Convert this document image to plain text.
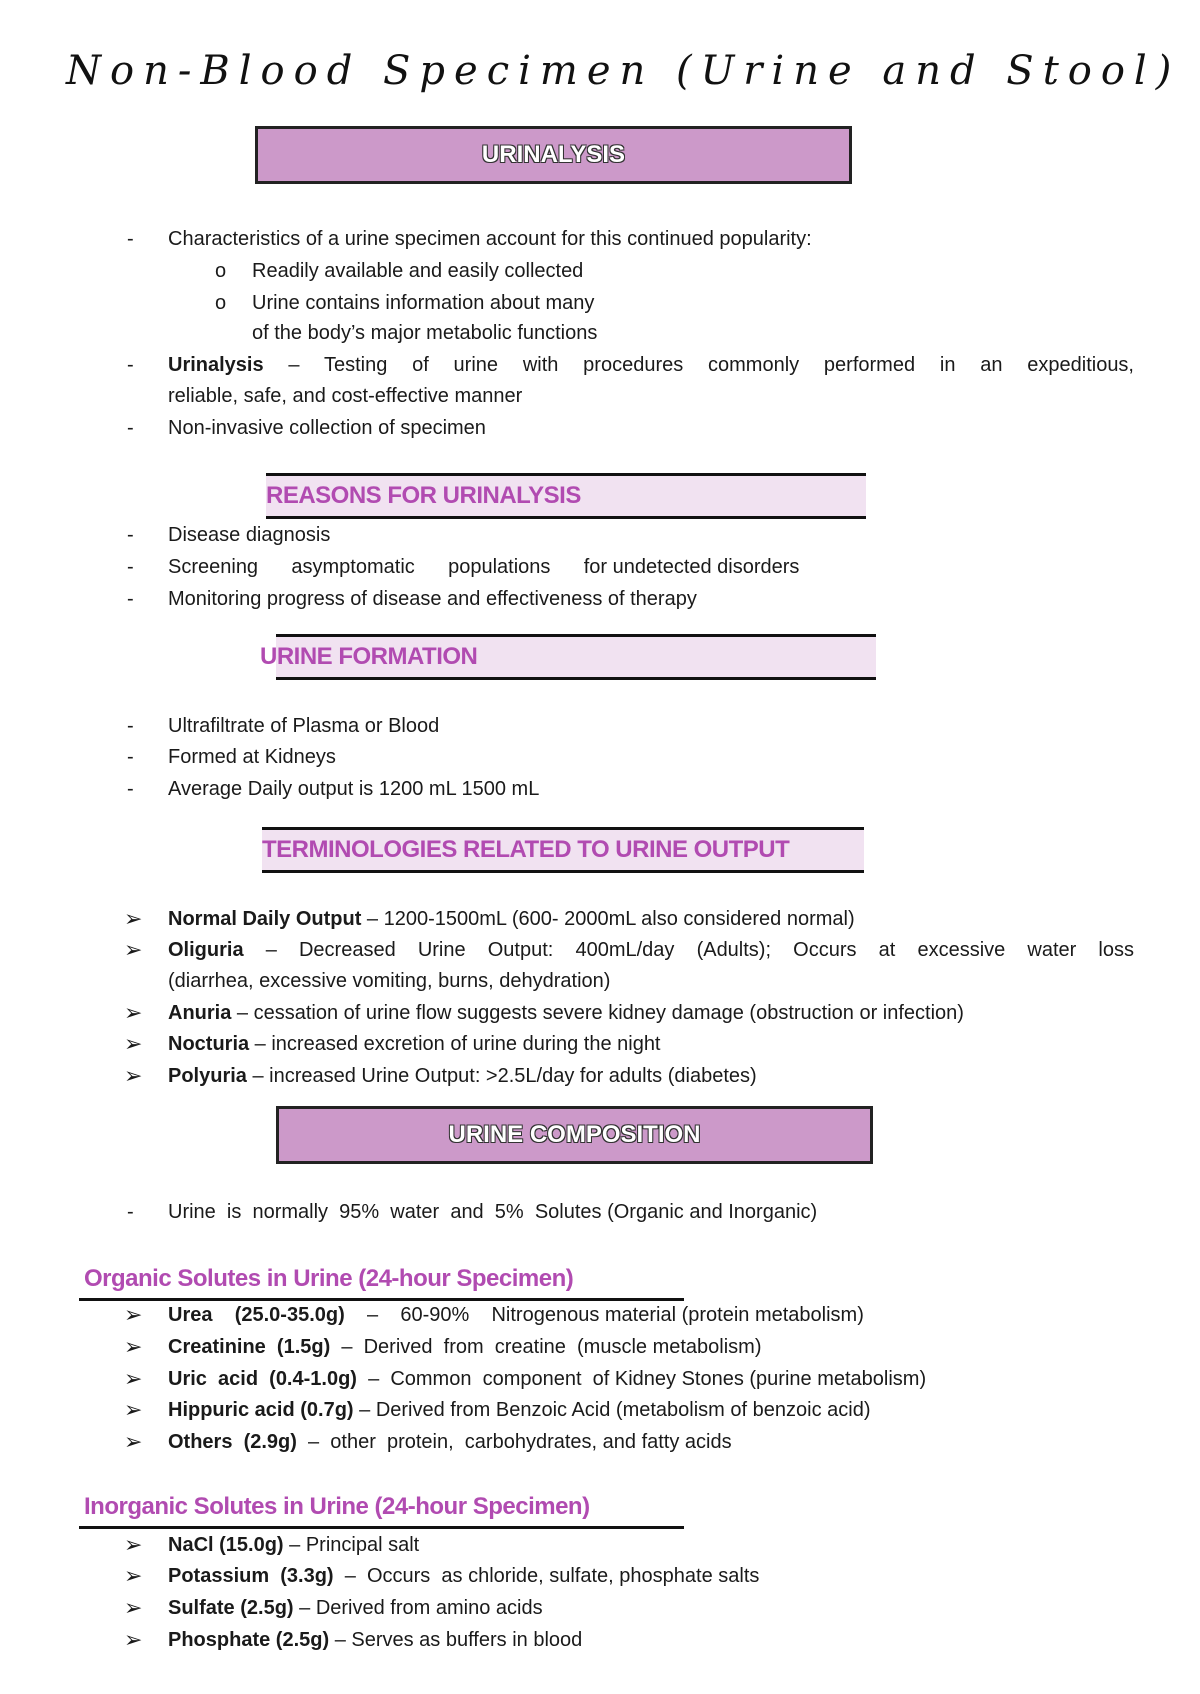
Non-Blood Specimen (Urine and Stool)
URINALYSIS
- Characteristics of a urine specimen account for this continued popularity:
o Readily available and easily collected
o Urine contains information about many
of the body’s major metabolic functions
- Urinalysis – Testing of urine with procedures commonly performed in an expeditious,
reliable, safe, and cost-effective manner
- Non-invasive collection of specimen
REASONS FOR URINALYSIS
- Disease diagnosis
- Screening      asymptomatic      populations      for undetected disorders
- Monitoring progress of disease and effectiveness of therapy
URINE FORMATION
- Ultrafiltrate of Plasma or Blood
- Formed at Kidneys
- Average Daily output is 1200 mL 1500 mL
TERMINOLOGIES RELATED TO URINE OUTPUT
➢ Normal Daily Output – 1200-1500mL (600- 2000mL also considered normal)
➢ Oliguria – Decreased Urine Output: 400mL/day (Adults); Occurs at excessive water loss
(diarrhea, excessive vomiting, burns, dehydration)
➢ Anuria – cessation of urine flow suggests severe kidney damage (obstruction or infection)
➢ Nocturia – increased excretion of urine during the night
➢ Polyuria – increased Urine Output: >2.5L/day for adults (diabetes)
URINE COMPOSITION
- Urine  is  normally  95%  water  and  5%  Solutes (Organic and Inorganic)
Organic Solutes in Urine (24-hour Specimen)
➢ Urea    (25.0-35.0g)    –    60-90%    Nitrogenous material (protein metabolism)
➢ Creatinine  (1.5g)  –  Derived  from  creatine  (muscle metabolism)
➢ Uric  acid  (0.4-1.0g)  –  Common  component  of Kidney Stones (purine metabolism)
➢ Hippuric acid (0.7g) – Derived from Benzoic Acid (metabolism of benzoic acid)
➢ Others  (2.9g)  –  other  protein,  carbohydrates, and fatty acids
Inorganic Solutes in Urine (24-hour Specimen)
➢ NaCl (15.0g) – Principal salt
➢ Potassium  (3.3g)  –  Occurs  as chloride, sulfate, phosphate salts
➢ Sulfate (2.5g) – Derived from amino acids
➢ Phosphate (2.5g) – Serves as buffers in blood
